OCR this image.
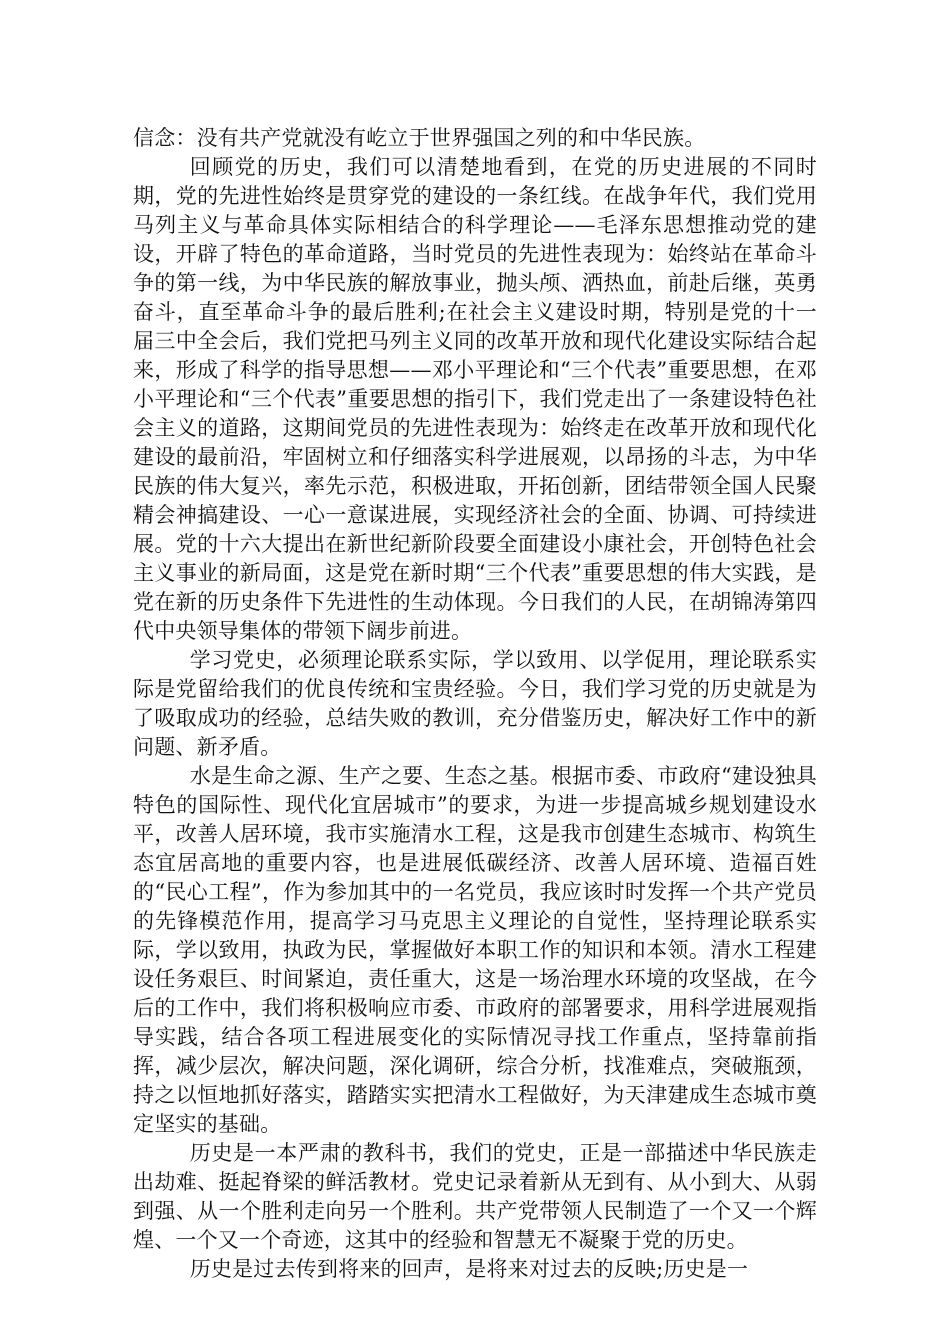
信念：没有共产党就没有屹立于世界强国之列的和中华民族。

回顾党的历史，我们可以清楚地看到，在党的历史进展的不同时期，党的先进性始终是贯穿党的建设的一条红线。在战争年代，我们党用马列主义与革命具体实际相结合的科学理论——毛泽东思想推动党的建设，开辟了特色的革命道路，当时党员的先进性表现为：始终站在革命斗争的第一线，为中华民族的解放事业，抛头颅、洒热血，前赴后继，英勇奋斗，直至革命斗争的最后胜利;在社会主义建设时期，特别是党的十一届三中全会后，我们党把马列主义同的改革开放和现代化建设实际结合起来，形成了科学的指导思想——邓小平理论和“三个代表”重要思想，在邓小平理论和“三个代表”重要思想的指引下，我们党走出了一条建设特色社会主义的道路，这期间党员的先进性表现为：始终走在改革开放和现代化建设的最前沿，牢固树立和仔细落实科学进展观，以昂扬的斗志，为中华民族的伟大复兴，率先示范，积极进取，开拓创新，团结带领全国人民聚精会神搞建设、一心一意谋进展，实现经济社会的全面、协调、可持续进展。党的十六大提出在新世纪新阶段要全面建设小康社会，开创特色社会主义事业的新局面，这是党在新时期“三个代表”重要思想的伟大实践，是党在新的历史条件下先进性的生动体现。今日我们的人民，在胡锦涛第四代中央领导集体的带领下阔步前进。

学习党史，必须理论联系实际，学以致用、以学促用，理论联系实际是党留给我们的优良传统和宝贵经验。今日，我们学习党的历史就是为了吸取成功的经验，总结失败的教训，充分借鉴历史，解决好工作中的新问题、新矛盾。

水是生命之源、生产之要、生态之基。根据市委、市政府“建设独具特色的国际性、现代化宜居城市”的要求，为进一步提高城乡规划建设水平，改善人居环境，我市实施清水工程，这是我市创建生态城市、构筑生态宜居高地的重要内容，也是进展低碳经济、改善人居环境、造福百姓的“民心工程”，作为参加其中的一名党员，我应该时时发挥一个共产党员的先锋模范作用，提高学习马克思主义理论的自觉性，坚持理论联系实际，学以致用，执政为民，掌握做好本职工作的知识和本领。清水工程建设任务艰巨、时间紧迫，责任重大，这是一场治理水环境的攻坚战，在今后的工作中，我们将积极响应市委、市政府的部署要求，用科学进展观指导实践，结合各项工程进展变化的实际情况寻找工作重点，坚持靠前指挥，减少层次，解决问题，深化调研，综合分析，找准难点，突破瓶颈，持之以恒地抓好落实，踏踏实实把清水工程做好，为天津建成生态城市奠定坚实的基础。

历史是一本严肃的教科书，我们的党史，正是一部描述中华民族走出劫难、挺起脊梁的鲜活教材。党史记录着新从无到有、从小到大、从弱到强、从一个胜利走向另一个胜利。共产党带领人民制造了一个又一个辉煌、一个又一个奇迹，这其中的经验和智慧无不凝聚于党的历史。

历史是过去传到将来的回声，是将来对过去的反映;历史是一
